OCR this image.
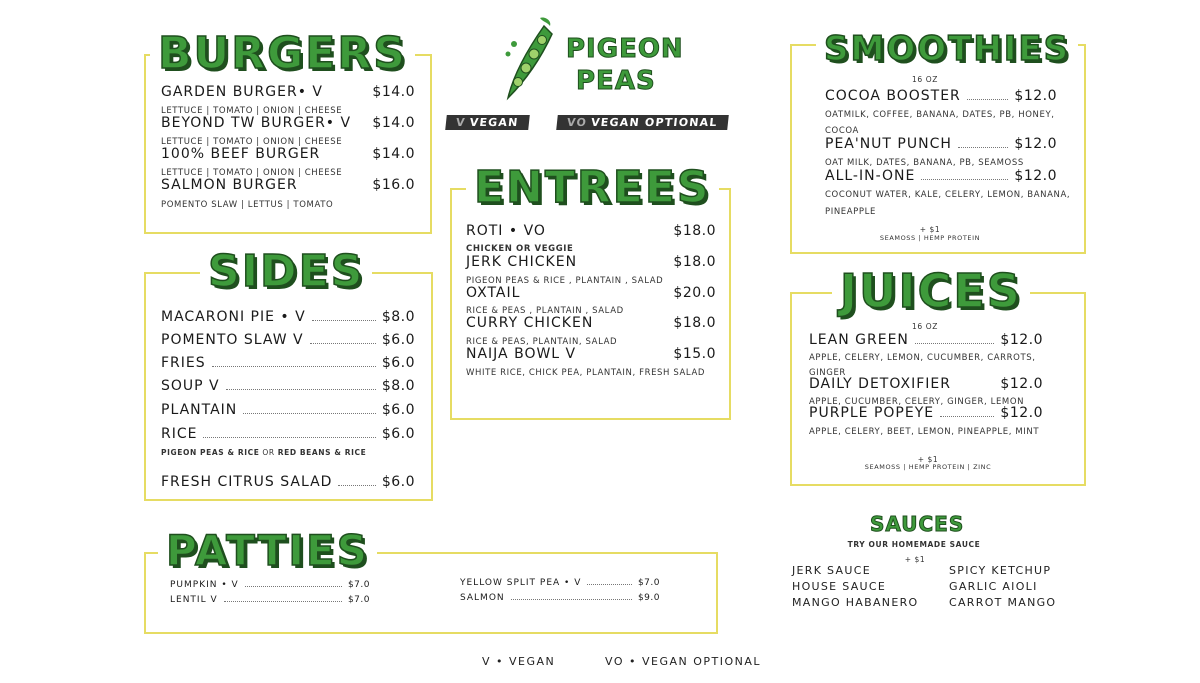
PIGEON
PEAS
V VEGAN	VO VEGAN OPTIONAL
BURGERS
GARDEN BURGER• V	$14.0
LETTUCE | TOMATO | ONION | CHEESE
BEYOND TW BURGER• V $14.0
LETTUCE | TOMATO | ONION | CHEESE
100% BEEF BURGER	$14.0
LETTUCE | TOMATO | ONION | CHEESE
SALMON BURGER	$16.0
POMENTO SLAW | LETTUS | TOMATO
SIDES
MACARONI PIE • V	$8.0
POMENTO SLAW V	$6.0
FRIES	$6.0
SOUP V	$8.0
PLANTAIN	$6.0
RICE	$6.0
PIGEON PEAS & RICE OR RED BEANS & RICE
FRESH CITRUS SALAD	$6.0
ENTREES
ROTI • VO	$18.0
CHICKEN OR VEGGIE
JERK CHICKEN	$18.0
PIGEON PEAS & RICE , PLANTAIN , SALAD
OXTAIL	$20.0
RICE & PEAS , PLANTAIN , SALAD
CURRY CHICKEN	$18.0
RICE & PEAS, PLANTAIN, SALAD
NAIJA BOWL V	$15.0
WHITE RICE, CHICK PEA, PLANTAIN, FRESH SALAD
SMOOTHIES
16 OZ
COCOA BOOSTER	$12.0
OATMILK, COFFEE, BANANA, DATES, PB, HONEY,
COCOA
PEA'NUT PUNCH	$12.0
OAT MILK, DATES, BANANA, PB, SEAMOSS
ALL-IN-ONE	$12.0
COCONUT WATER, KALE, CELERY, LEMON, BANANA,
PINEAPPLE
+ $1
SEAMOSS | HEMP PROTEIN
JUICES
16 OZ
LEAN GREEN	$12.0
APPLE, CELERY, LEMON, CUCUMBER, CARROTS,
GINGER
DAILY DETOXIFIER	$12.0
APPLE, CUCUMBER, CELERY, GINGER, LEMON
PURPLE POPEYE	$12.0
APPLE, CELERY, BEET, LEMON, PINEAPPLE, MINT
+ $1
SEAMOSS | HEMP PROTEIN | ZINC
PATTIES
PUMPKIN • V	$7.0
LENTIL V	$7.0
YELLOW SPLIT PEA • V	$7.0
SALMON	$9.0
SAUCES
TRY OUR HOMEMADE SAUCE
+ $1
JERK SAUCE
HOUSE SAUCE
MANGO HABANERO
SPICY KETCHUP
GARLIC AIOLI
CARROT MANGO
V • VEGAN	VO • VEGAN OPTIONAL
